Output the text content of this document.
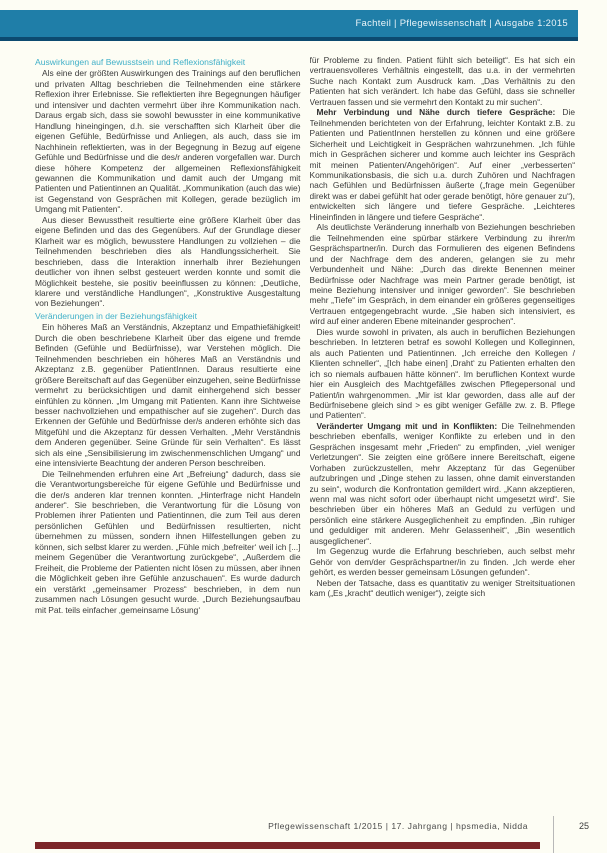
Fachteil | Pflegewissenschaft | Ausgabe 1:2015
Auswirkungen auf Bewusstsein und Reflexionsfähigkeit

Als eine der größten Auswirkungen des Trainings auf den beruflichen und privaten Alltag beschrieben die Teilnehmenden eine stärkere Reflexion ihrer Erlebnisse. Sie reflektierten ihre Begegnungen häufiger und intensiver und dachten vermehrt über ihre Kommunikation nach. Daraus ergab sich, dass sie sowohl bewusster in eine kommunikative Handlung hineingingen, d.h. sie verschafften sich Klarheit über die eigenen Gefühle, Bedürfnisse und Anliegen, als auch, dass sie im Nachhinein reflektierten, was in der Begegnung in Bezug auf eigene Gefühle und Bedürfnisse und die des/r anderen vorgefallen war. Durch diese höhere Kompetenz der allgemeinen Reflexionsfähigkeit gewannen die Kommunikation und damit auch der Umgang mit Patienten und Patientinnen an Qualität. „Kommunikation (auch das wie) ist Gegenstand von Gesprächen mit Kollegen, gerade bezüglich im Umgang mit Patienten“.

Aus dieser Bewusstheit resultierte eine größere Klarheit über das eigene Befinden und das des Gegenübers. Auf der Grundlage dieser Klarheit war es möglich, bewusstere Handlungen zu vollziehen – die Teilnehmenden beschrieben dies als Handlungssicherheit. Sie beschrieben, dass die Interaktion innerhalb ihrer Beziehungen deutlicher von ihnen selbst gesteuert werden konnte und somit die Möglichkeit bestehe, sie positiv beeinflussen zu können: „Deutliche, klarere und verständliche Handlungen“, „Konstruktive Ausgestaltung von Beziehungen“.

Veränderungen in der Beziehungsfähigkeit

Ein höheres Maß an Verständnis, Akzeptanz und Empathiefähigkeit! Durch die oben beschriebene Klarheit über das eigene und fremde Befinden (Gefühle und Bedürfnisse), war Verstehen möglich. Die Teilnehmenden beschrieben ein höheres Maß an Verständnis und Akzeptanz z.B. gegenüber PatientInnen. Daraus resultierte eine größere Bereitschaft auf das Gegenüber einzugehen, seine Bedürfnisse vermehrt zu berücksichtigen und damit einhergehend sich besser einfühlen zu können. „Im Umgang mit Patienten. Kann ihre Sichtweise besser nachvollziehen und empathischer auf sie zugehen“. Durch das Erkennen der Gefühle und Bedürfnisse der/s anderen erhöhte sich das Mitgefühl und die Akzeptanz für dessen Verhalten. „Mehr Verständnis dem Anderen gegenüber. Seine Gründe für sein Verhalten“. Es lässt sich als eine „Sensibilisierung im zwischenmenschlichen Umgang“ und eine intensivierte Beachtung der anderen Person beschreiben.

Die Teilnehmenden erfuhren eine Art „Befreiung“ dadurch, dass sie die Verantwortungsbereiche für eigene Gefühle und Bedürfnisse und die der/s anderen klar trennen konnten. „Hinterfrage nicht Handeln anderer“. Sie beschrieben, die Verantwortung für die Lösung von Problemen ihrer Patienten und Patientinnen, die zum Teil aus deren persönlichen Gefühlen und Bedürfnissen resultierten, nicht übernehmen zu müssen, sondern ihnen Hilfestellungen geben zu können, sich selbst klarer zu werden. „Fühle mich ‚befreiter‘ weil ich [...] meinem Gegenüber die Verantwortung zurückgebe“, „Außerdem die Freiheit, die Probleme der Patienten nicht lösen zu müssen, aber ihnen die Möglichkeit geben ihre Gefühle anzuschauen“. Es wurde dadurch ein verstärkt „gemeinsamer Prozess“ beschrieben, in dem nun zusammen nach Lösungen gesucht wurde. „Durch Beziehungsaufbau mit Pat. teils einfacher ‚gemeinsame Lösung‘

für Probleme zu finden. Patient fühlt sich beteiligt“. Es hat sich ein vertrauensvolleres Verhältnis eingestellt, das u.a. in der vermehrten Suche nach Kontakt zum Ausdruck kam. „Das Verhältnis zu den Patienten hat sich verändert. Ich habe das Gefühl, dass sie schneller Vertrauen fassen und sie vermehrt den Kontakt zu mir suchen“.

Mehr Verbindung und Nähe durch tiefere Gespräche: Die Teilnehmenden berichteten von der Erfahrung, leichter Kontakt z.B. zu Patienten und PatientInnen herstellen zu können und eine größere Sicherheit und Leichtigkeit in Gesprächen wahrzunehmen. „Ich fühle mich in Gesprächen sicherer und komme auch leichter ins Gespräch mit meinen Patienten/Angehörigen“. Auf einer „verbesserten“ Kommunikationsbasis, die sich u.a. durch Zuhören und Nachfragen nach Gefühlen und Bedürfnissen äußerte („frage mein Gegenüber direkt was er dabei gefühlt hat oder gerade benötigt, höre genauer zu“), entwickelten sich längere und tiefere Gespräche. „Leichteres Hineinfinden in längere und tiefere Gespräche“.

Als deutlichste Veränderung innerhalb von Beziehungen beschrieben die Teilnehmenden eine spürbar stärkere Verbindung zu ihrer/m Gesprächspartner/in. Durch das Formulieren des eigenen Befindens und der Nachfrage dem des anderen, gelangen sie zu mehr Verbundenheit und Nähe: „Durch das direkte Benennen meiner Bedürfnisse oder Nachfrage was mein Partner gerade benötigt, ist meine Beziehung intensiver und inniger geworden“. Sie beschrieben mehr „Tiefe“ im Gespräch, in dem einander ein größeres gegenseitiges Vertrauen entgegengebracht wurde. „Sie haben sich intensiviert, es wird auf einer anderen Ebene miteinander gesprochen“.

Dies wurde sowohl in privaten, als auch in beruflichen Beziehungen beschrieben. In letzteren betraf es sowohl Kollegen und Kolleginnen, als auch Patienten und Patientinnen. „Ich erreiche den Kollegen / Klienten schneller“, „[Ich habe einen] ‚Draht‘ zu Patienten erhalten den ich so niemals aufbauen hätte können“. Im beruflichen Kontext wurde hier ein Ausgleich des Machtgefälles zwischen Pflegepersonal und Patient/in wahrgenommen. „Mir ist klar geworden, dass alle auf der Bedürfnisebene gleich sind > es gibt weniger Gefälle zw. z. B. Pflege und Patienten“.

Veränderter Umgang mit und in Konflikten: Die Teilnehmenden beschrieben ebenfalls, weniger Konflikte zu erleben und in den Gesprächen insgesamt mehr „Frieden“ zu empfinden, „viel weniger Verletzungen“. Sie zeigten eine größere innere Bereitschaft, eigene Vorhaben zurückzustellen, mehr Akzeptanz für das Gegenüber aufzubringen und „Dinge stehen zu lassen, ohne damit einverstanden zu sein“, wodurch die Konfrontation gemildert wird. „Kann akzeptieren, wenn mal was nicht sofort oder überhaupt nicht umgesetzt wird“. Sie beschrieben über ein höheres Maß an Geduld zu verfügen und persönlich eine stärkere Ausgeglichenheit zu empfinden. „Bin ruhiger und geduldiger mit anderen. Mehr Gelassenheit“, „Bin wesentlich ausgeglichener“.

Im Gegenzug wurde die Erfahrung beschrieben, auch selbst mehr Gehör von dem/der Gesprächspartner/in zu finden. „Ich werde eher gehört, es werden besser gemeinsam Lösungen gefunden“.

Neben der Tatsache, dass es quantitativ zu weniger Streitsituationen kam („Es „kracht“ deutlich weniger“), zeigte sich

Pflegewissenschaft 1/2015 | 17. Jahrgang | hpsmedia, Nidda	25
